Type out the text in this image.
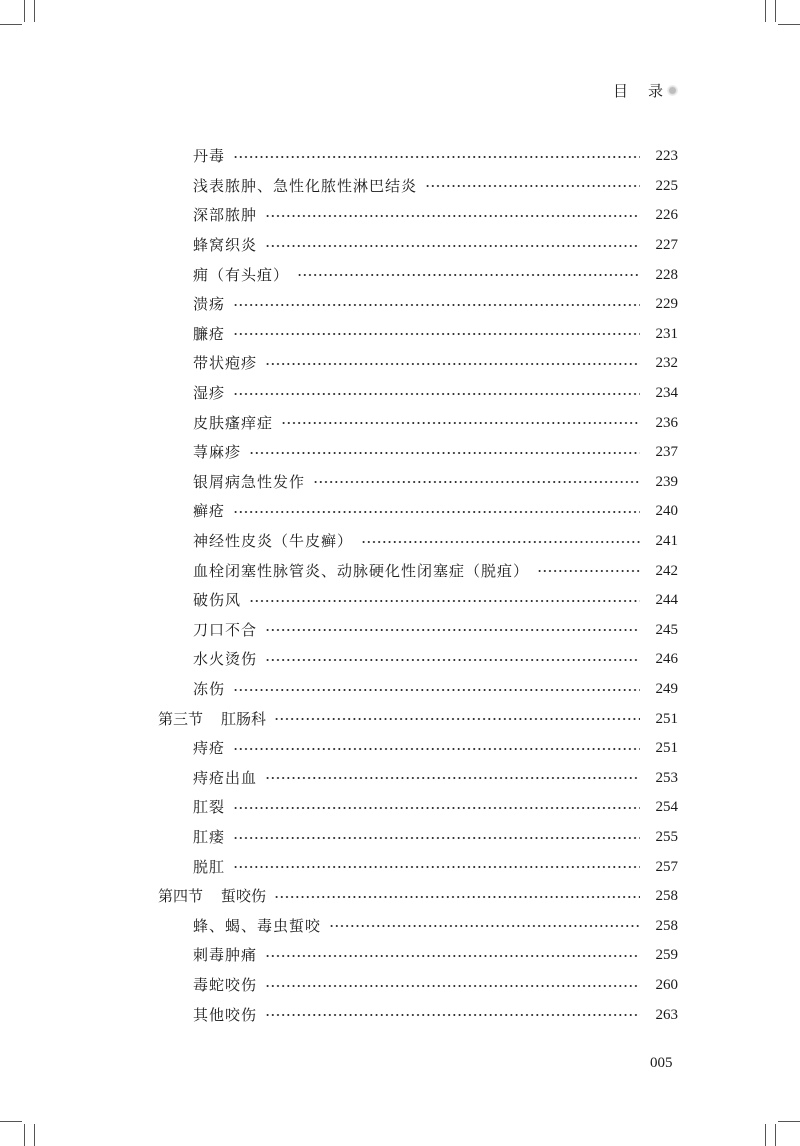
目 录
丹毒	223
浅表脓肿、急性化脓性淋巴结炎	225
深部脓肿	226
蜂窝织炎	227
痈（有头疽）	228
溃疡	229
臁疮	231
带状疱疹	232
湿疹	234
皮肤瘙痒症	236
荨麻疹	237
银屑病急性发作	239
癣疮	240
神经性皮炎（牛皮癣）	241
血栓闭塞性脉管炎、动脉硬化性闭塞症（脱疽）	242
破伤风	244
刀口不合	245
水火烫伤	246
冻伤	249
第三节 肛肠科	251
痔疮	251
痔疮出血	253
肛裂	254
肛瘘	255
脱肛	257
第四节 蜇咬伤	258
蜂、蝎、毒虫蜇咬	258
刺毒肿痛	259
毒蛇咬伤	260
其他咬伤	263
005
